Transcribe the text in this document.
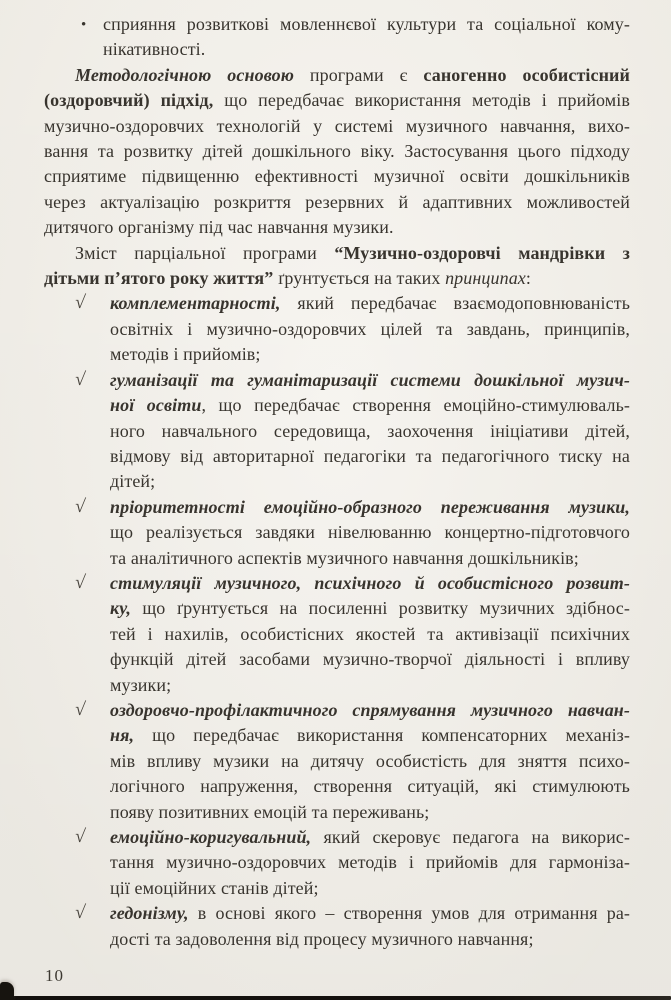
• сприяння розвиткові мовленнєвої культури та соціальної кому-
нікативності.
Методологічною основою програми є саногенно особистісний
(оздоровчий) підхід, що передбачає використання методів і прийомів
музично-оздоровчих технологій у системі музичного навчання, вихо-
вання та розвитку дітей дошкільного віку. Застосування цього підходу
сприятиме підвищенню ефективності музичної освіти дошкільників
через актуалізацію розкриття резервних й адаптивних можливостей
дитячого організму під час навчання музики.
Зміст парціальної програми “Музично-оздоровчі мандрівки з
дітьми п’ятого року життя” ґрунтується на таких принципах:
√ комплементарності, який передбачає взаємодоповнюваність
освітніх і музично-оздоровчих цілей та завдань, принципів,
методів і прийомів;
√ гуманізації та гуманітаризації системи дошкільної музич-
ної освіти, що передбачає створення емоційно-стимулюваль-
ного навчального середовища, заохочення ініціативи дітей,
відмову від авторитарної педагогіки та педагогічного тиску на
дітей;
√ пріоритетності емоційно-образного переживання музики,
що реалізується завдяки нівелюванню концертно-підготовчого
та аналітичного аспектів музичного навчання дошкільників;
√ стимуляції музичного, психічного й особистісного розвит-
ку, що ґрунтується на посиленні розвитку музичних здібнос-
тей і нахилів, особистісних якостей та активізації психічних
функцій дітей засобами музично-творчої діяльності і впливу
музики;
√ оздоровчо-профілактичного спрямування музичного навчан-
ня, що передбачає використання компенсаторних механіз-
мів впливу музики на дитячу особистість для зняття психо-
логічного напруження, створення ситуацій, які стимулюють
появу позитивних емоцій та переживань;
√ емоційно-коригувальний, який скеровує педагога на викорис-
тання музично-оздоровчих методів і прийомів для гармоніза-
ції емоційних станів дітей;
√ гедонізму, в основі якого – створення умов для отримання ра-
дості та задоволення від процесу музичного навчання;
10
